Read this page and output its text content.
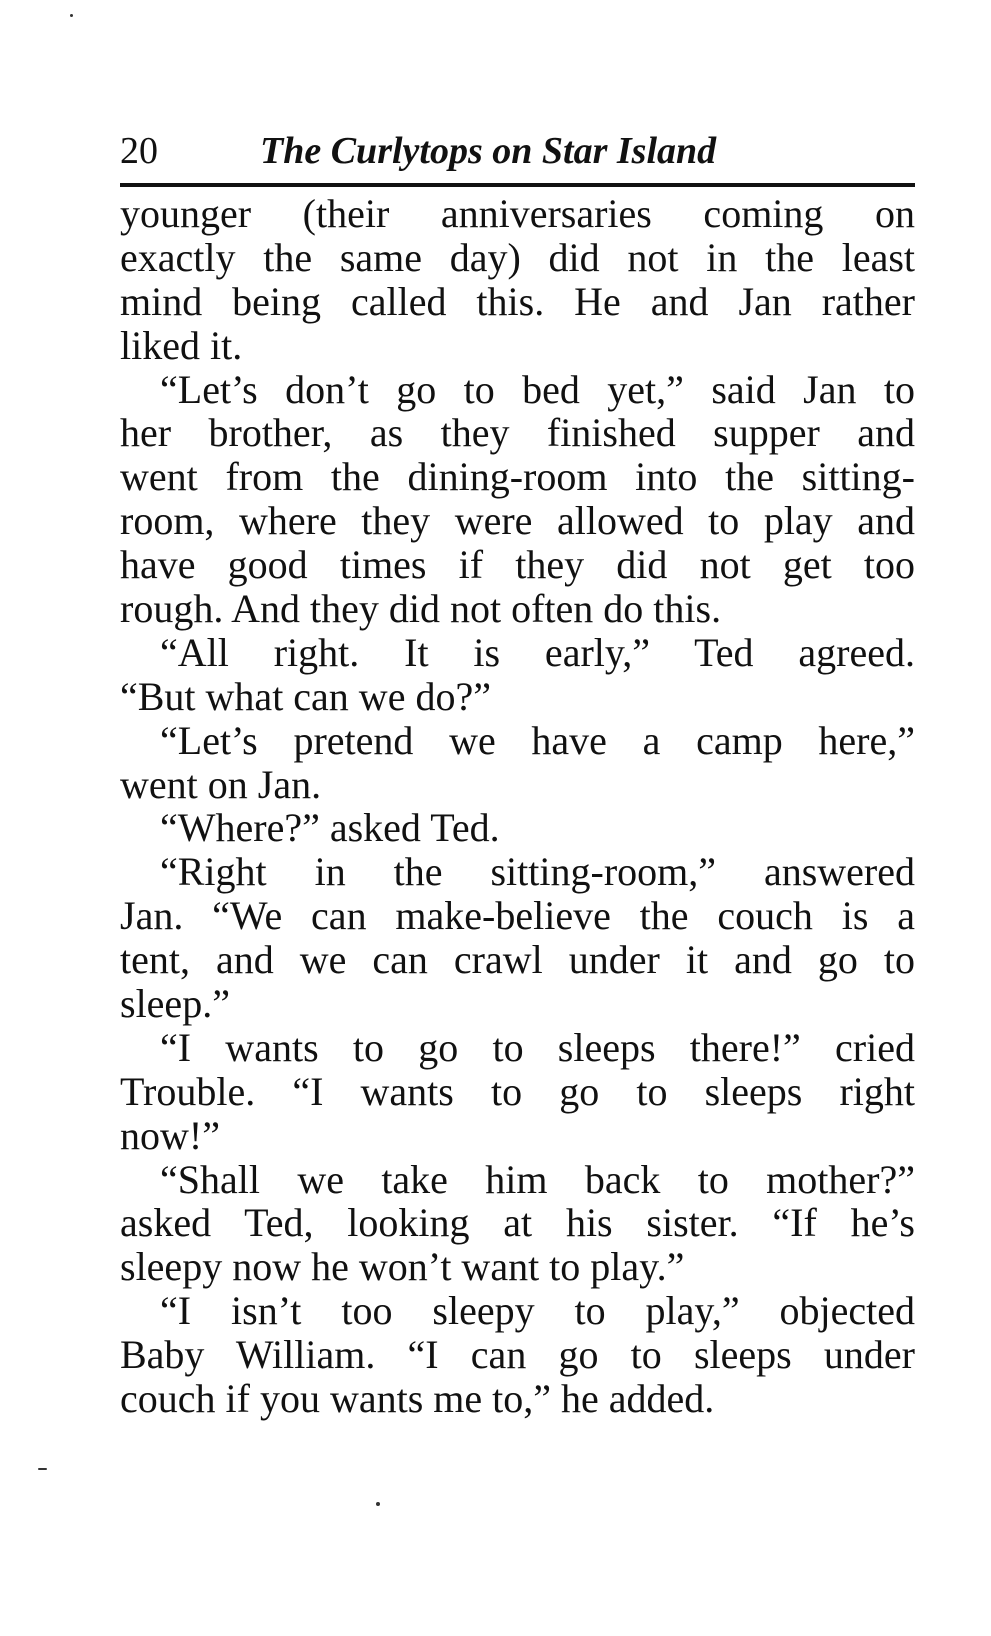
20	The Curlytops on Star Island
younger (their anniversaries coming on
exactly the same day) did not in the least
mind being called this. He and Jan rather
liked it.
“Let’s don’t go to bed yet,” said Jan to
her brother, as they finished supper and
went from the dining-room into the sitting-
room, where they were allowed to play and
have good times if they did not get too
rough. And they did not often do this.
“All right. It is early,” Ted agreed.
“But what can we do?”
“Let’s pretend we have a camp here,”
went on Jan.
“Where?” asked Ted.
“Right in the sitting-room,” answered
Jan. “We can make-believe the couch is a
tent, and we can crawl under it and go to
sleep.”
“I wants to go to sleeps there!” cried
Trouble. “I wants to go to sleeps right
now!”
“Shall we take him back to mother?”
asked Ted, looking at his sister. “If he’s
sleepy now he won’t want to play.”
“I isn’t too sleepy to play,” objected
Baby William. “I can go to sleeps under
couch if you wants me to,” he added.
